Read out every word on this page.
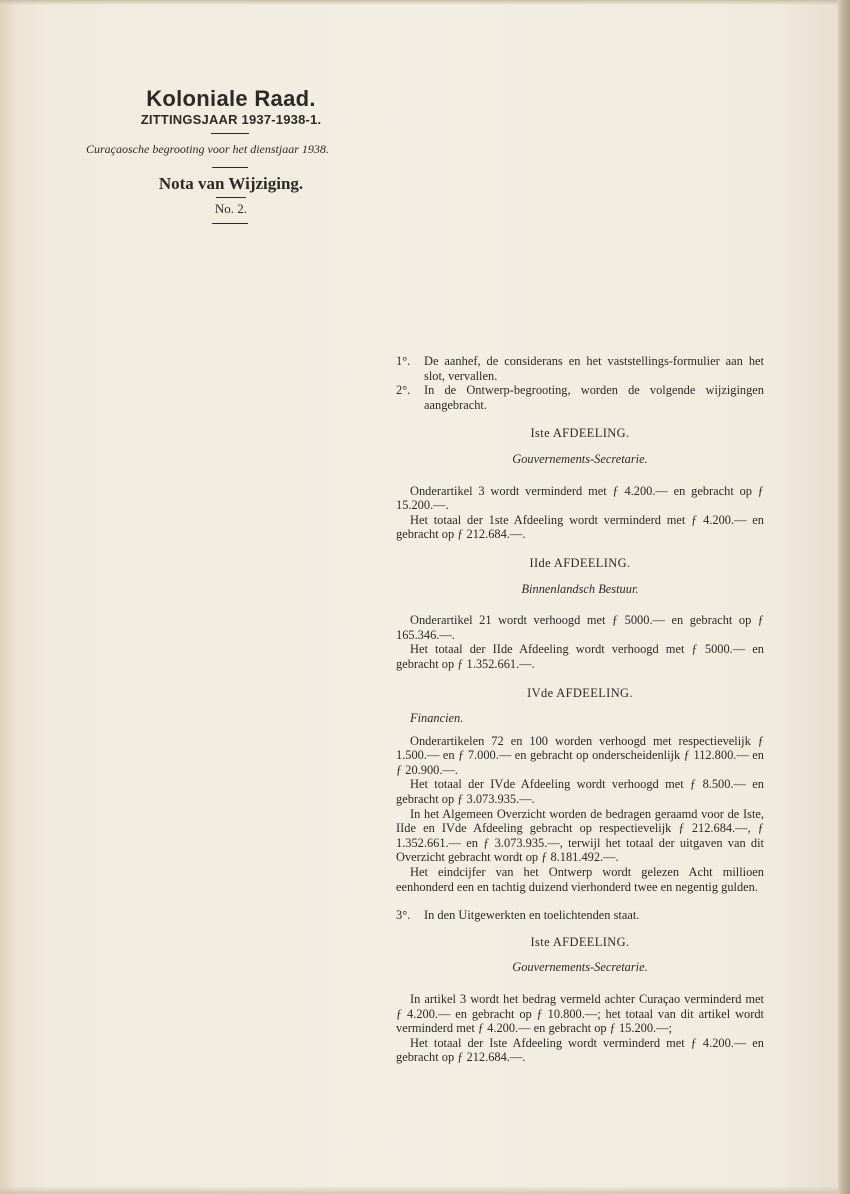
Koloniale Raad.
ZITTINGSJAAR 1937-1938-1.
Curaçaosche begrooting voor het dienstjaar 1938.
Nota van Wijziging.
No. 2.
1°.	De aanhef, de considerans en het vaststellings-formulier aan het slot, vervallen.
2°.	In de Ontwerp-begrooting, worden de volgende wijzigingen aangebracht.

Iste AFDEELING.

Gouvernements-Secretarie.

Onderartikel 3 wordt verminderd met ƒ 4.200.— en gebracht op ƒ 15.200.—.

Het totaal der 1ste Afdeeling wordt verminderd met ƒ 4.200.— en gebracht op ƒ 212.684.—.

IIde AFDEELING.

Binnenlandsch Bestuur.

Onderartikel 21 wordt verhoogd met ƒ 5000.— en gebracht op ƒ 165.346.—.

Het totaal der IIde Afdeeling wordt verhoogd met ƒ 5000.— en gebracht op ƒ 1.352.661.—.

IVde AFDEELING.

Financien.

Onderartikelen 72 en 100 worden verhoogd met respectievelijk ƒ 1.500.— en ƒ 7.000.— en gebracht op onderscheidenlijk ƒ 112.800.— en ƒ 20.900.—.

Het totaal der IVde Afdeeling wordt verhoogd met ƒ 8.500.— en gebracht op ƒ 3.073.935.—.

In het Algemeen Overzicht worden de bedragen geraamd voor de Iste, IIde en IVde Afdeeling gebracht op respectievelijk ƒ 212.684.—, ƒ 1.352.661.— en ƒ 3.073.935.—, terwijl het totaal der uitgaven van dit Overzicht gebracht wordt op ƒ 8.181.492.—.

Het eindcijfer van het Ontwerp wordt gelezen Acht millioen eenhonderd een en tachtig duizend vierhonderd twee en negentig gulden.

3°.	In den Uitgewerkten en toelichtenden staat.

Iste AFDEELING.

Gouvernements-Secretarie.

In artikel 3 wordt het bedrag vermeld achter Curaçao verminderd met ƒ 4.200.— en gebracht op ƒ 10.800.—; het totaal van dit artikel wordt verminderd met ƒ 4.200.— en gebracht op ƒ 15.200.—;

Het totaal der Iste Afdeeling wordt verminderd met ƒ 4.200.— en gebracht op ƒ 212.684.—.
